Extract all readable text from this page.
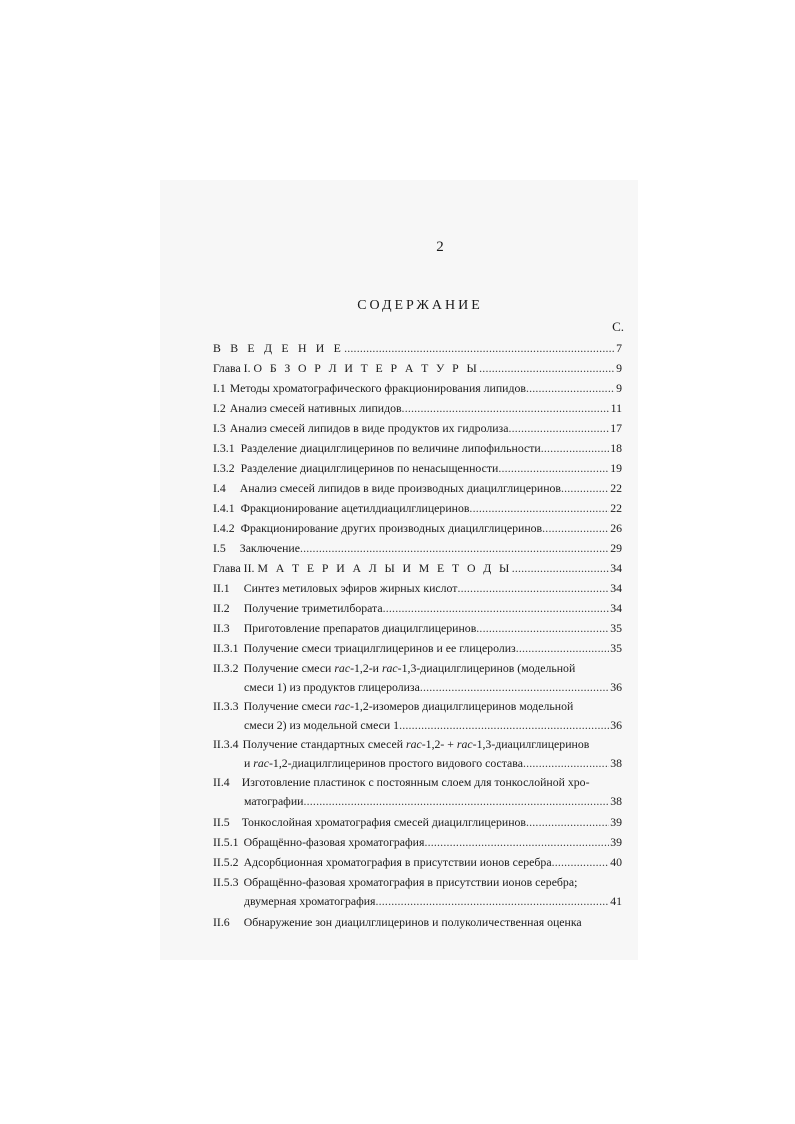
2
СОДЕРЖАНИЕ
С.
В В Е Д Е Н И Е .....	7
Глава I. О Б З О Р Л И Т Е Р А Т У Р Ы .....	9
I.1 Методы хроматографического фракционирования липидов .....	9
I.2 Анализ смесей нативных липидов .....	11
I.3 Анализ смесей липидов в виде продуктов их гидролиза .....	17
I.3.1 Разделение диацилглицеринов по величине липофильности .....	18
I.3.2 Разделение диацилглицеринов по ненасыщенности .....	19
I.4 Анализ смесей липидов в виде производных диацилглицеринов .....	22
I.4.1 Фракционирование ацетилдиацилглицеринов .....	22
I.4.2 Фракционирование других производных диацилглицеринов .....	26
I.5 Заключение .....	29
Глава II. М А Т Е Р И А Л Ы И М Е Т О Д Ы .....	34
II.1 Синтез метиловых эфиров жирных кислот .....	34
II.2 Получение триметилбората .....	34
II.3 Приготовление препаратов диацилглицеринов .....	35
II.3.1 Получение смеси триацилглицеринов и ее глицеролиз .....	35
II.3.2 Получение смеси rac-1,2-и rac-1,3-диацилглицеринов (модельной
смеси 1) из продуктов глицеролиза .....	36
II.3.3 Получение смеси rac-1,2-изомеров диацилглицеринов модельной
смеси 2) из модельной смеси 1 .....	36
II.3.4 Получение стандартных смесей rac-1,2- + rac-1,3-диацилглицеринов
и rac-1,2-диацилглицеринов простого видового состава .....	38
II.4 Изготовление пластинок с постоянным слоем для тонкослойной хро-
матографии .....	38
II.5 Тонкослойная хроматография смесей диацилглицеринов .....	39
II.5.1 Обращённо-фазовая хроматография .....	39
II.5.2 Адсорбционная хроматография в присутствии ионов серебра .....	40
II.5.3 Обращённо-фазовая хроматография в присутствии ионов серебра;
двумерная хроматография .....	41
II.6 Обнаружение зон диацилглицеринов и полуколичественная оценка
